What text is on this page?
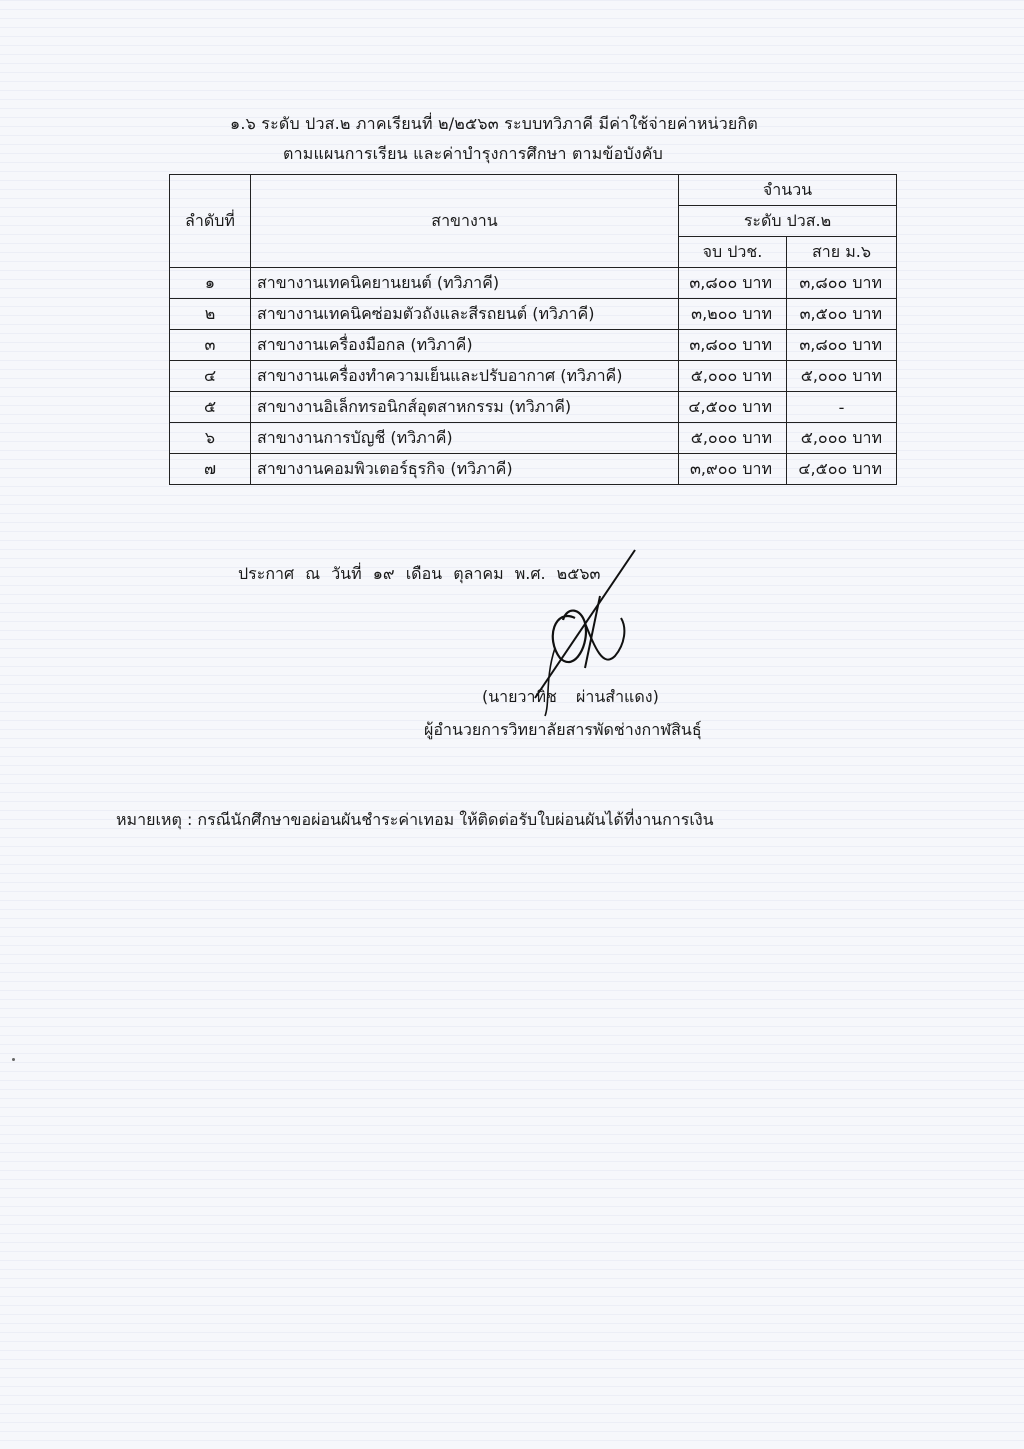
๑.๖ ระดับ ปวส.๒ ภาคเรียนที่ ๒/๒๕๖๓ ระบบทวิภาคี มีค่าใช้จ่ายค่าหน่วยกิต
ตามแผนการเรียน และค่าบำรุงการศึกษา ตามข้อบังคับ
ลำดับที่	สาขางาน	จำนวน	
		ระดับ ปวส.๒	
		จบ ปวช.	สาย ม.๖
๑	สาขางานเทคนิคยานยนต์ (ทวิภาคี)	๓,๘๐๐ บาท	๓,๘๐๐ บาท
๒	สาขางานเทคนิคซ่อมตัวถังและสีรถยนต์ (ทวิภาคี)	๓,๒๐๐ บาท	๓,๕๐๐ บาท
๓	สาขางานเครื่องมือกล (ทวิภาคี)	๓,๘๐๐ บาท	๓,๘๐๐ บาท
๔	สาขางานเครื่องทำความเย็นและปรับอากาศ (ทวิภาคี)	๕,๐๐๐ บาท	๕,๐๐๐ บาท
๕	สาขางานอิเล็กทรอนิกส์อุตสาหกรรม (ทวิภาคี)	๔,๕๐๐ บาท	-
๖	สาขางานการบัญชี (ทวิภาคี)	๕,๐๐๐ บาท	๕,๐๐๐ บาท
๗	สาขางานคอมพิวเตอร์ธุรกิจ (ทวิภาคี)	๓,๙๐๐ บาท	๔,๕๐๐ บาท
ประกาศ ณ วันที่ ๑๙ เดือน ตุลาคม พ.ศ. ๒๕๖๓
(นายวาทิช ผ่านสำแดง)
ผู้อำนวยการวิทยาลัยสารพัดช่างกาฬสินธุ์
หมายเหตุ : กรณีนักศึกษาขอผ่อนผันชำระค่าเทอม ให้ติดต่อรับใบผ่อนผันได้ที่งานการเงิน
